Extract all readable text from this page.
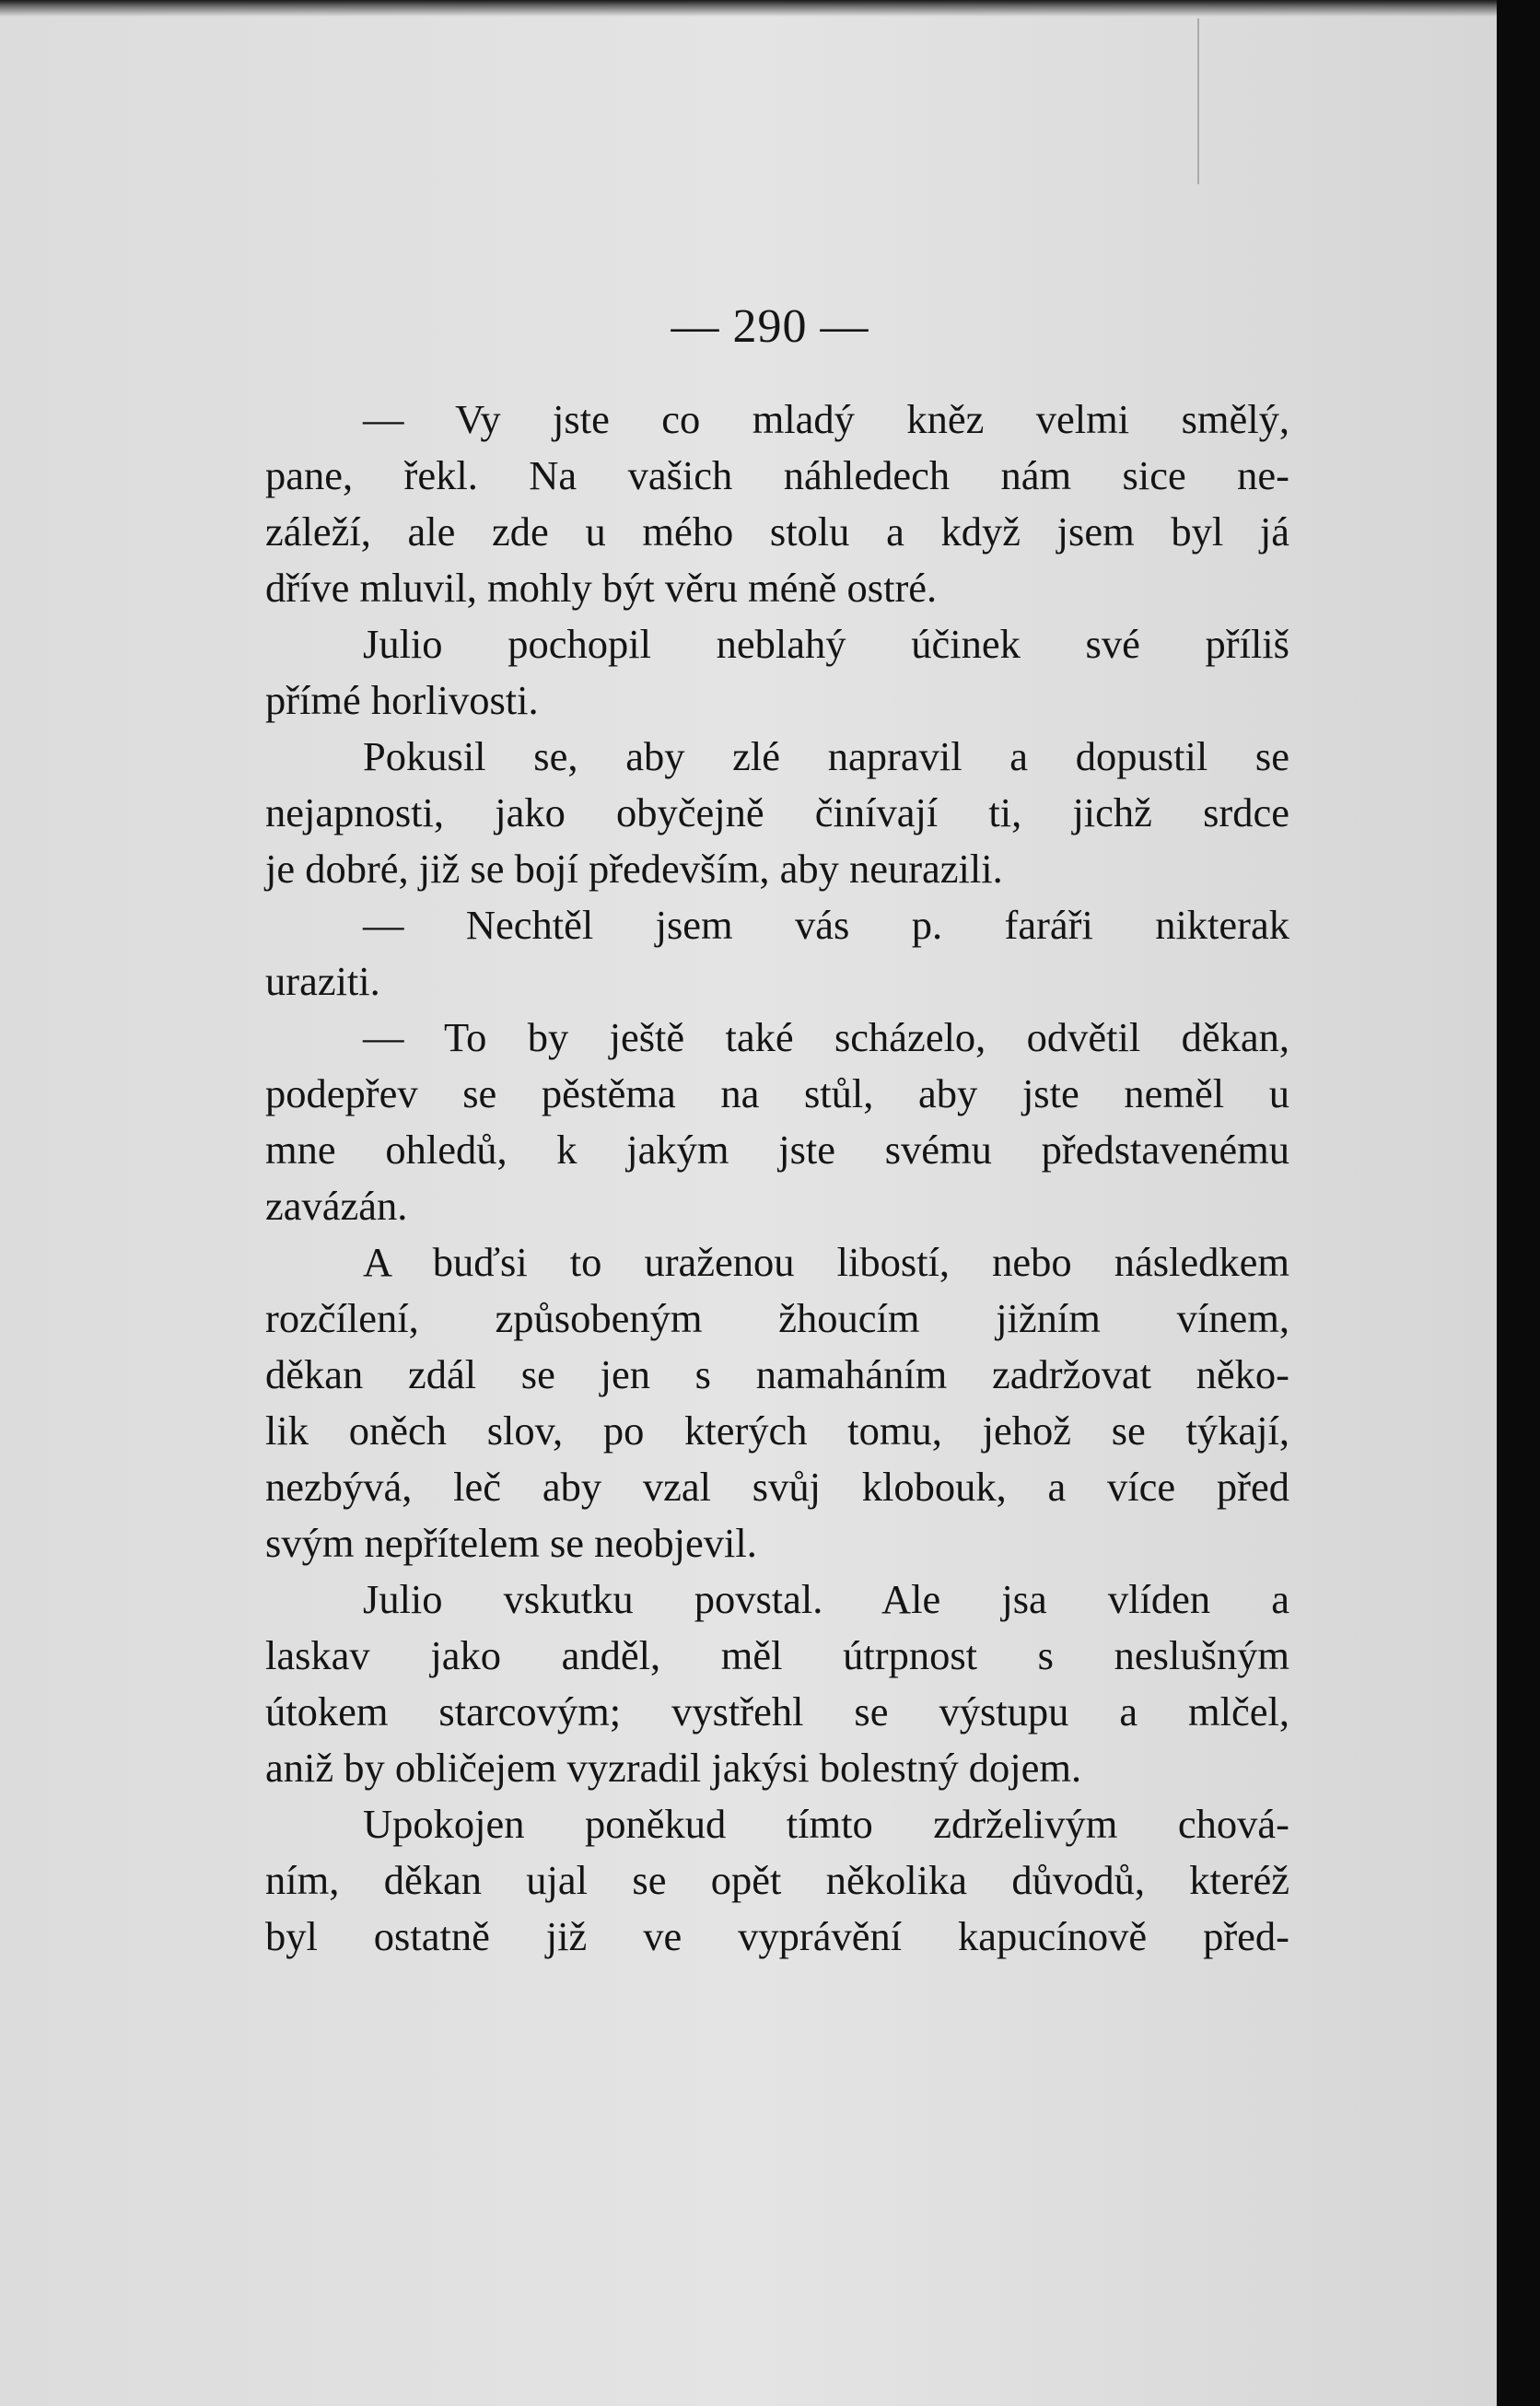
— 290 —
— Vy jste co mladý kněz velmi smělý,
pane, řekl. Na vašich náhledech nám sice ne-
záleží, ale zde u mého stolu a když jsem byl já
dříve mluvil, mohly být věru méně ostré.
Julio pochopil neblahý účinek své příliš
přímé horlivosti.
Pokusil se, aby zlé napravil a dopustil se
nejapnosti, jako obyčejně činívají ti, jichž srdce
je dobré, již se bojí především, aby neurazili.
— Nechtěl jsem vás p. faráři nikterak
uraziti.
— To by ještě také scházelo, odvětil děkan,
podepřev se pěstěma na stůl, aby jste neměl u
mne ohledů, k jakým jste svému představenému
zavázán.
A buďsi to uraženou libostí, nebo následkem
rozčílení, způsobeným žhoucím jižním vínem,
děkan zdál se jen s namaháním zadržovat něko-
lik oněch slov, po kterých tomu, jehož se týkají,
nezbývá, leč aby vzal svůj klobouk, a více před
svým nepřítelem se neobjevil.
Julio vskutku povstal. Ale jsa vlíden a
laskav jako anděl, měl útrpnost s neslušným
útokem starcovým; vystřehl se výstupu a mlčel,
aniž by obličejem vyzradil jakýsi bolestný dojem.
Upokojen poněkud tímto zdrželivým chová-
ním, děkan ujal se opět několika důvodů, kteréž
byl ostatně již ve vyprávění kapucínově před-
